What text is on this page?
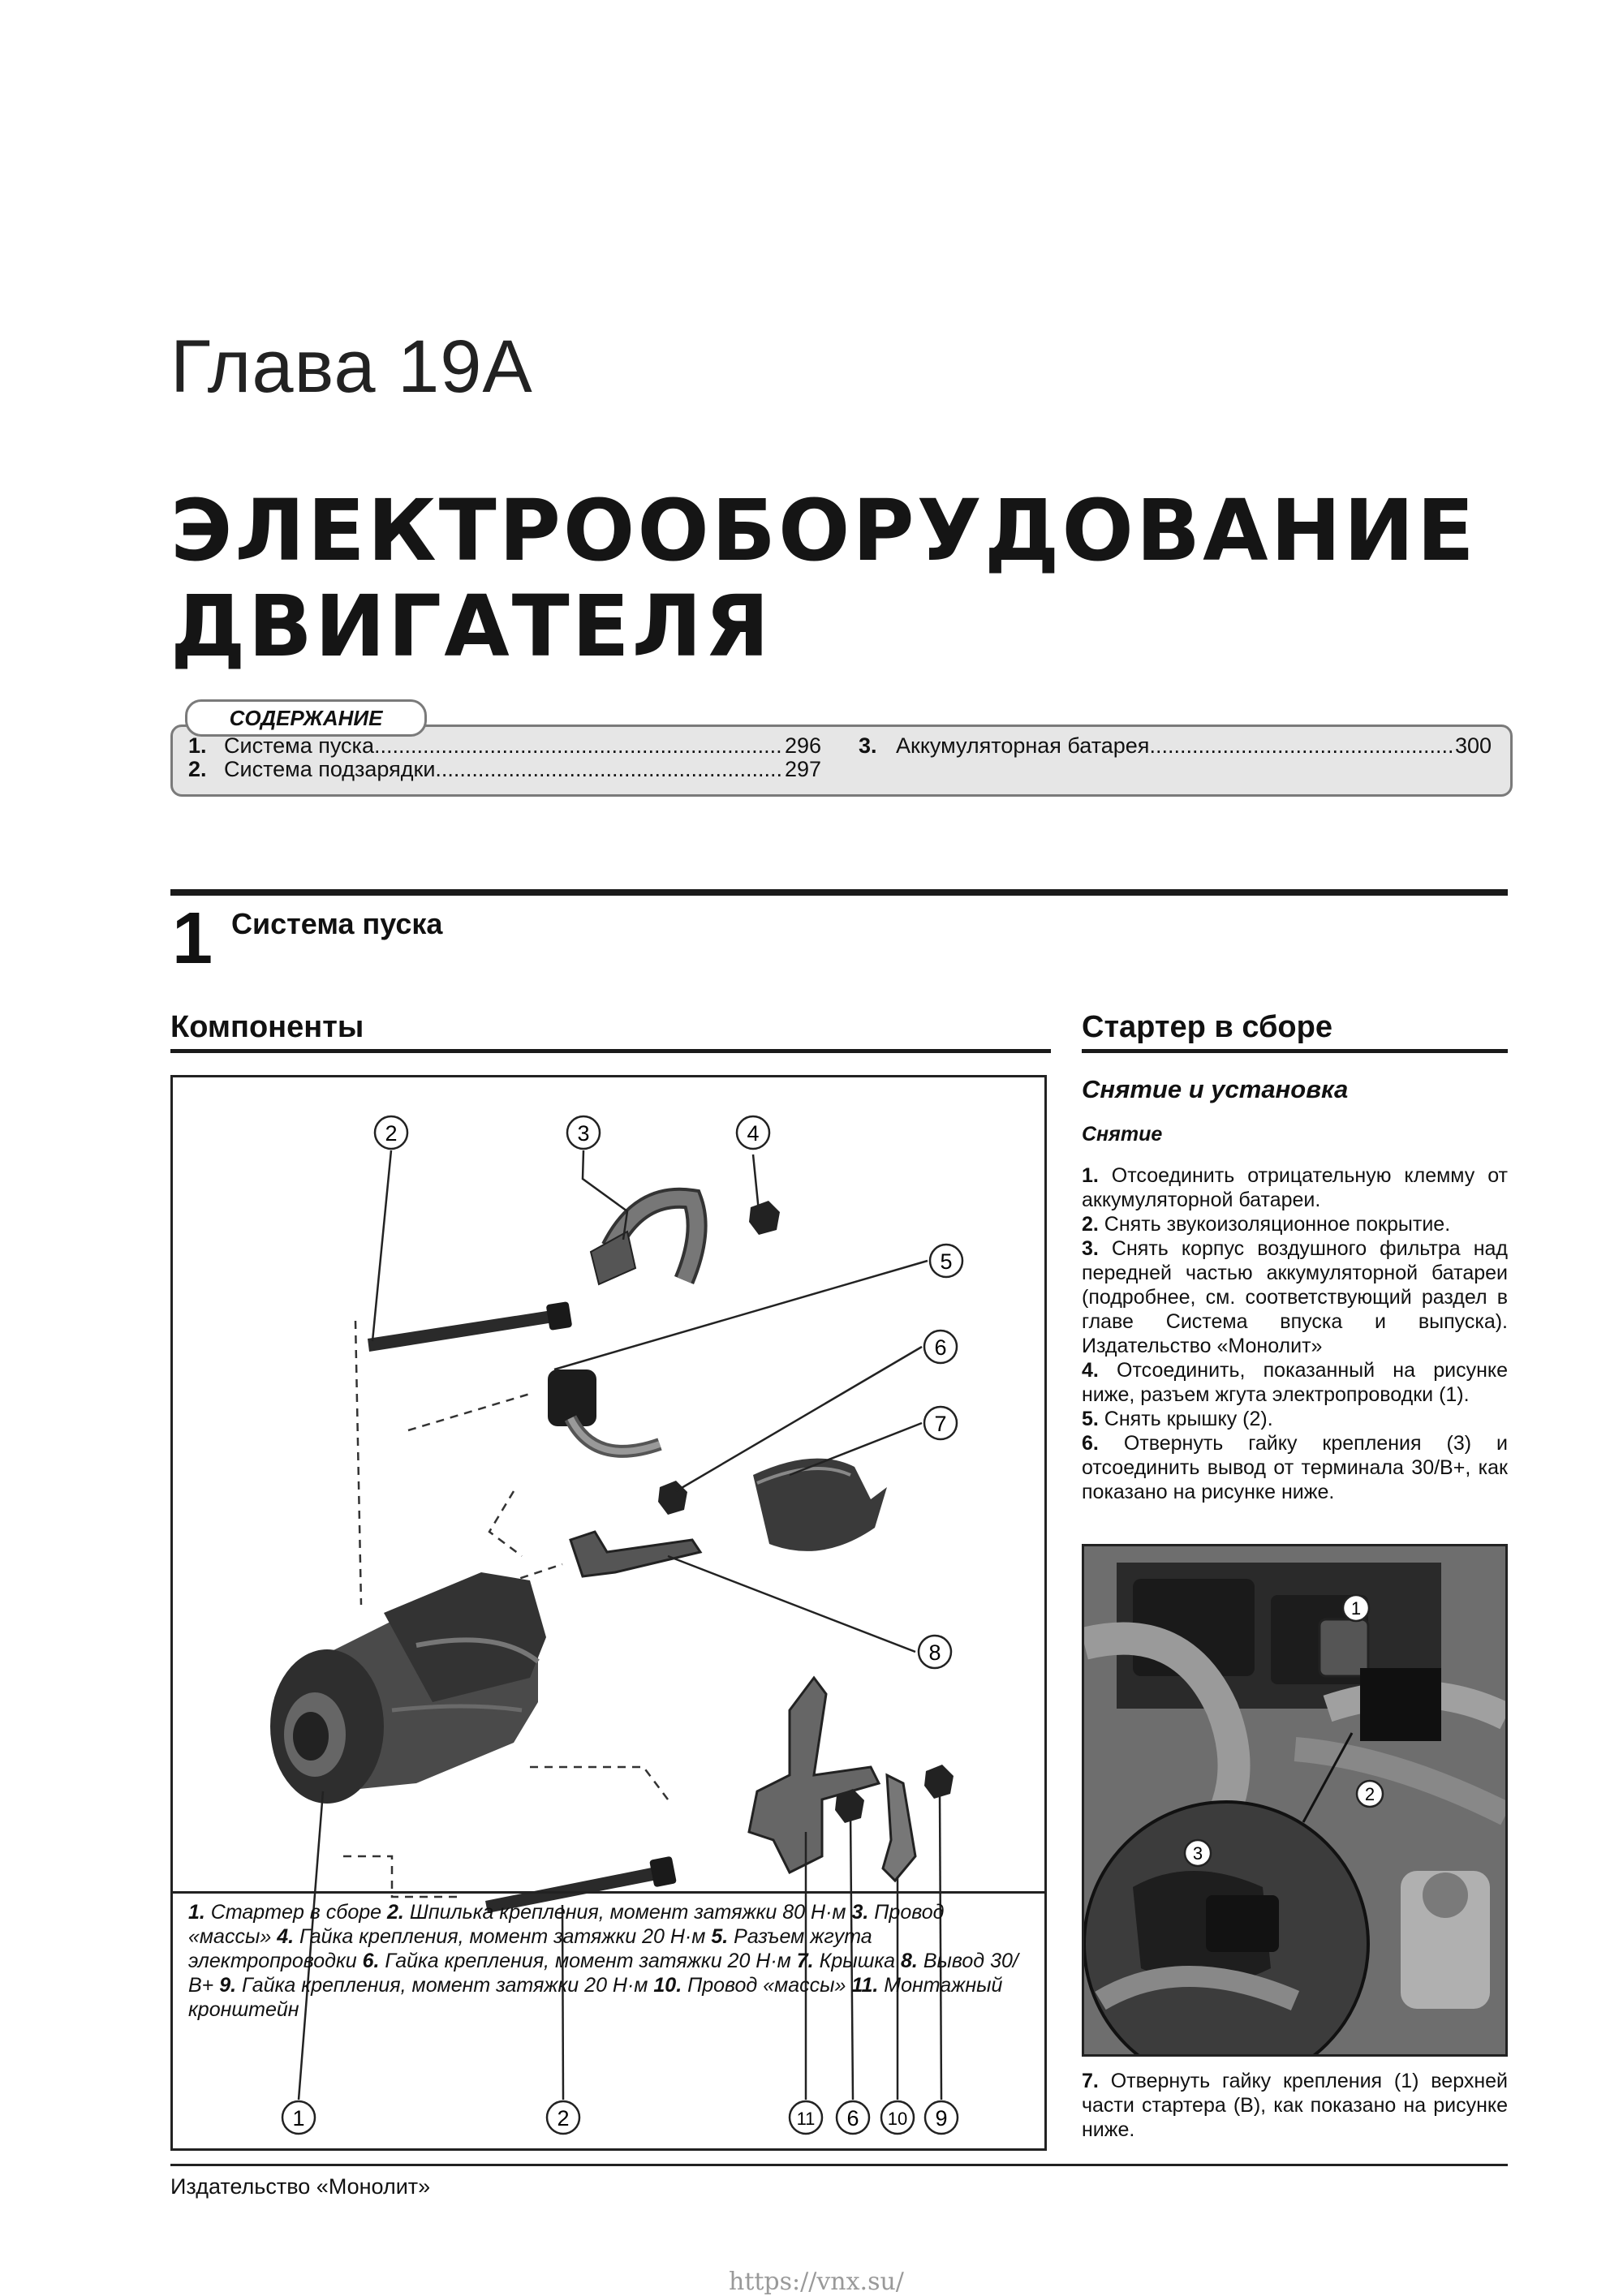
Глава 19A
ЭЛЕКТРООБОРУДОВАНИЕ
ДВИГАТЕЛЯ
СОДЕРЖАНИЕ
1. Система пуска .....	296
2. Система подзарядки .....	297
3. Аккумуляторная батарея .....	300
1 Система пуска
Компоненты
2	3	4
5
6
7
8
1	2	11 6 10 9
1. Стартер в сборе 2. Шпилька крепления, момент затяжки 80 Н·м 3. Провод «массы» 4. Гайка крепления, момент затяжки 20 Н·м 5. Разъем жгута электропроводки 6. Гайка крепления, момент затяжки 20 Н·м 7. Крышка 8. Вывод 30/В+ 9. Гайка крепления, момент затяжки 20 Н·м 10. Провод «массы» 11. Монтажный кронштейн
Стартер в сборе
Снятие и установка
Снятие

1. Отсоединить отрицательную клемму от аккумуляторной батареи.

2. Снять звукоизоляционное покрытие.

3. Снять корпус воздушного фильтра над передней частью аккумуляторной батареи (подробнее, см. соответствующий раздел в главе Система впуска и выпуска). Издательство «Монолит»

4. Отсоединить, показанный на рисунке ниже, разъем жгута электропроводки (1).

5. Снять крышку (2).

6. Отвернуть гайку крепления (3) и отсоединить вывод от терминала 30/В+, как показано на рисунке ниже.

1
2
3

7. Отвернуть гайку крепления (1) верхней части стартера (В), как показано на рисунке ниже.

Издательство «Монолит»
https://vnx.su/
